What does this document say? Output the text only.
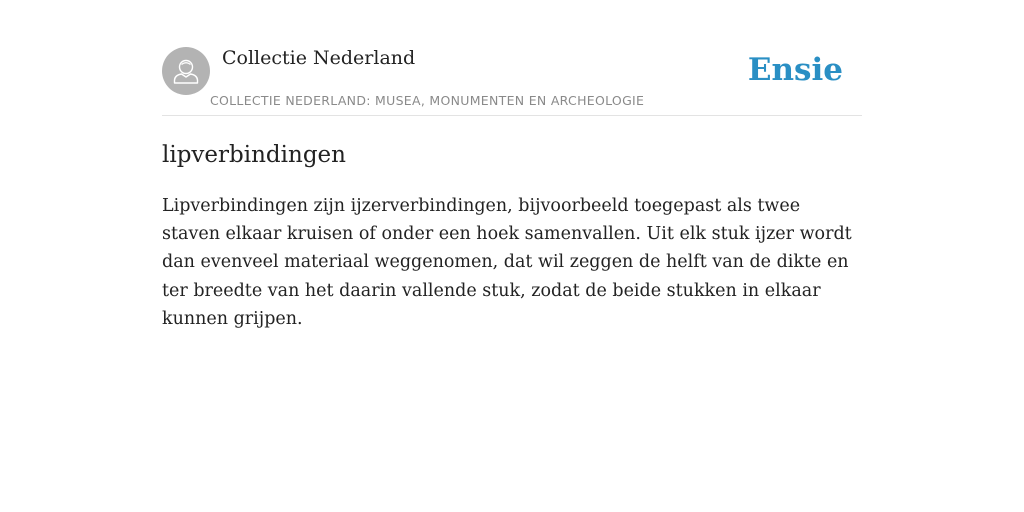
Collectie Nederland
COLLECTIE NEDERLAND: MUSEA, MONUMENTEN EN ARCHEOLOGIE
Ensie
lipverbindingen

Lipverbindingen zijn ijzerverbindingen, bijvoorbeeld toegepast als twee staven elkaar kruisen of onder een hoek samenvallen. Uit elk stuk ijzer wordt dan evenveel materiaal weggenomen, dat wil zeggen de helft van de dikte en ter breedte van het daarin vallende stuk, zodat de beide stukken in elkaar kunnen grijpen.
